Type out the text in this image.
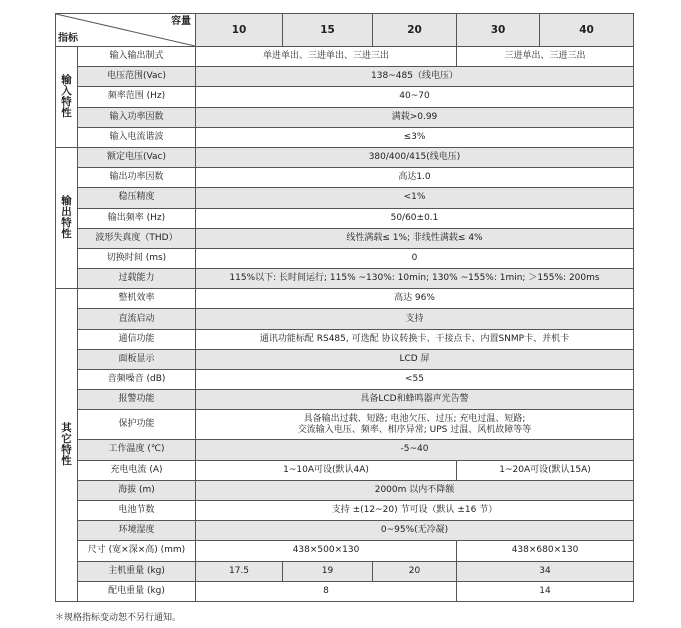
容量
指标		10	15	20	30	40

输
入
特
性	输入输出制式	单进单出、三进单出、三进三出			三进单出、三进三出	
	电压范围(Vac)	138~485（线电压）				
	频率范围 (Hz)	40~70				
	输入功率因数	满载>0.99				
	输入电流谐波	≤3%				

输
出
特
性	额定电压(Vac)	380/400/415(线电压)				
	输出功率因数	高达1.0				
	稳压精度	<1%				
	输出频率 (Hz)	50/60±0.1				
	波形失真度（THD）	线性满载≤ 1%; 非线性满载≤ 4%				
	切换时间 (ms)	0				
	过载能力	115%以下: 长时间运行; 115% ~130%: 10min; 130% ~155%: 1min; ＞155%: 200ms				

其
它
特
性	整机效率	高达 96%				
	直流启动	支持				
	通信功能	通讯功能标配 RS485, 可选配 协议转换卡、干接点卡、内置SNMP卡、并机卡				
	面板显示	LCD 屏				
	音频噪音 (dB)	<55				
	报警功能	具备LCD和蜂鸣器声光告警				
	保护功能	具备输出过载、短路; 电池欠压、过压; 充电过温、短路;
交流输入电压、频率、相序异常; UPS 过温、风机故障等等				

	工作温度 (℃)	-5~40				
	充电电流 (A)	1~10A可设(默认4A)			1~20A可设(默认15A)	
	海拔 (m)	2000m 以内不降额				
	电池节数	支持 ±(12~20) 节可设（默认 ±16 节）				
	环境湿度	0~95%(无冷凝)				
	尺寸 (宽×深×高) (mm)	438×500×130			438×680×130	
	主机重量 (kg)	17.5	19	20	34	
	配电重量 (kg)	8			14	
＊规格指标变动恕不另行通知。
